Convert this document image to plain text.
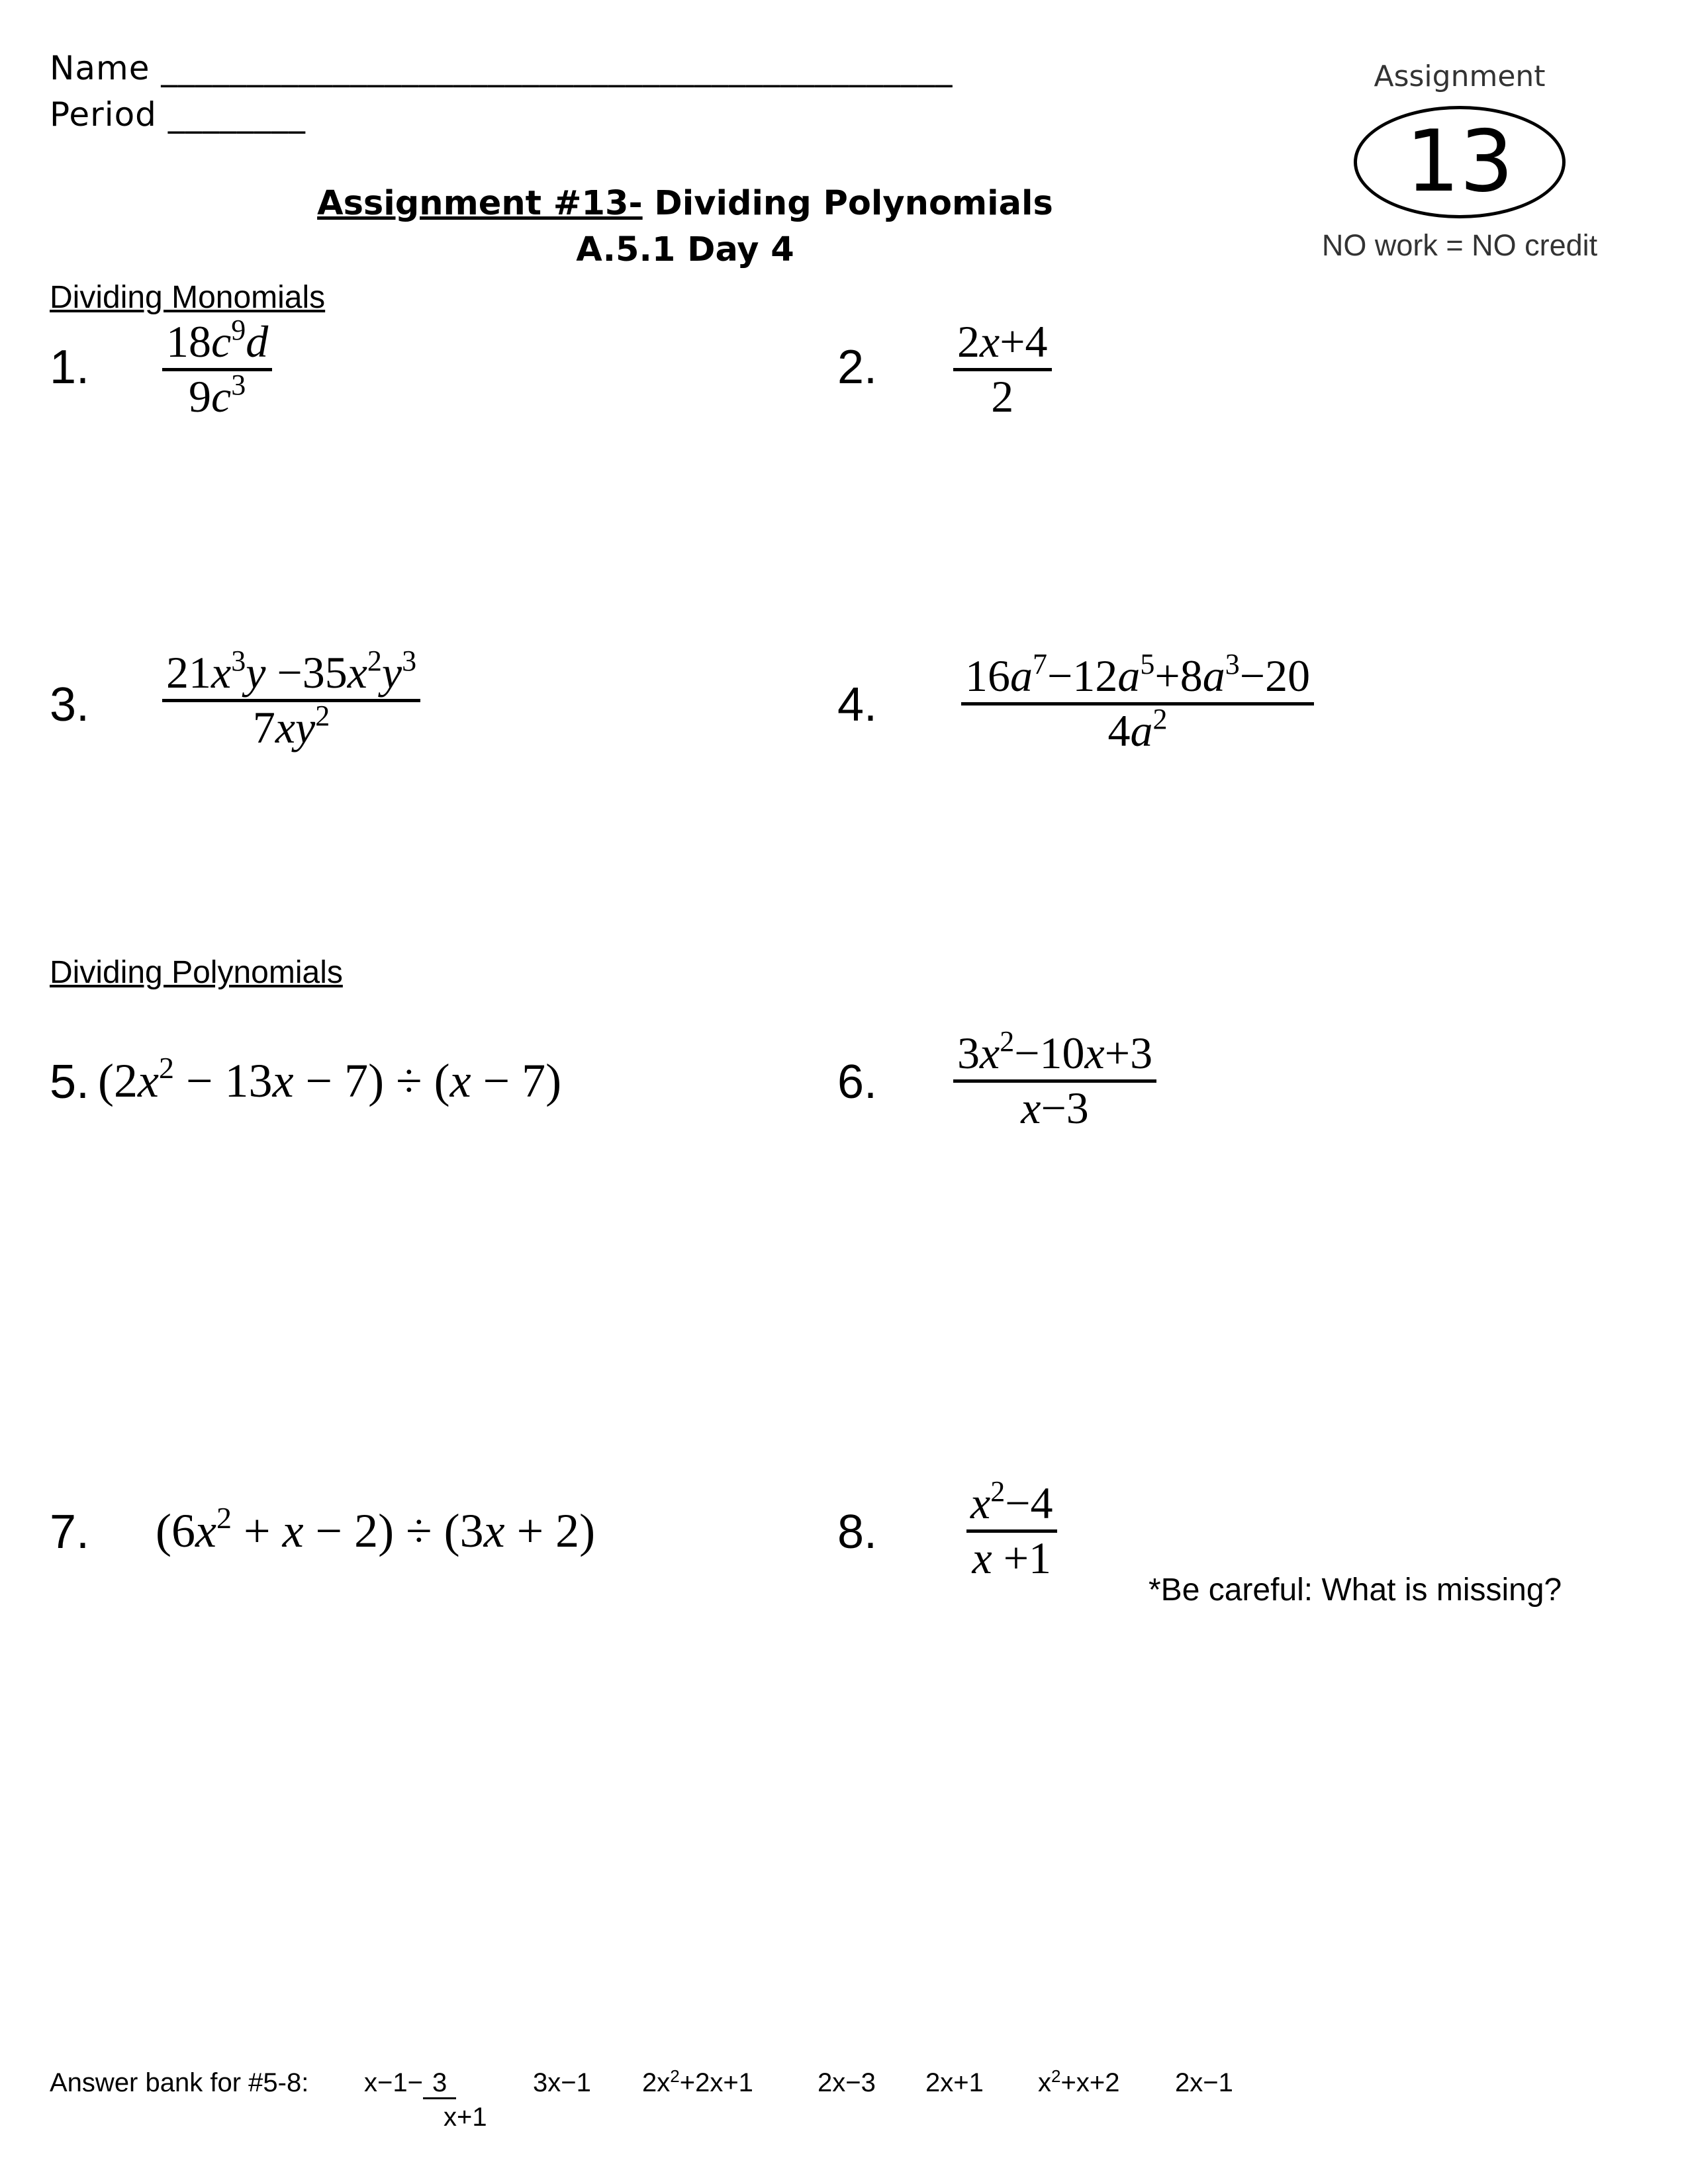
Name ______________________________________________
Period ________
Assignment #13- Dividing Polynomials
A.5.1 Day 4
Assignment
13
NO work = NO credit
Dividing Monomials
1. $\frac{18c^9d}{9c^3}$	2. $\frac{2x+4}{2}$
3. $\frac{21x^3y -35x^2y^3}{7xy^2}$	4. $\frac{16a^7-12a^5+8a^3-20}{4a^2}$
Dividing Polynomials
5. $(2x^2 - 13x - 7) \div (x - 7)$	6. $\frac{3x^2-10x+3}{x-3}$
7. $(6x^2 + x - 2) \div (3x + 2)$	8. $\frac{x^2-4}{x +1}$
*Be careful: What is missing?
Answer bank for #5-8: x−1− 3
x+1
3x−1 $2x^2+2x+1$ 2x−3 2x+1 $x^2+x+2$ 2x−1
